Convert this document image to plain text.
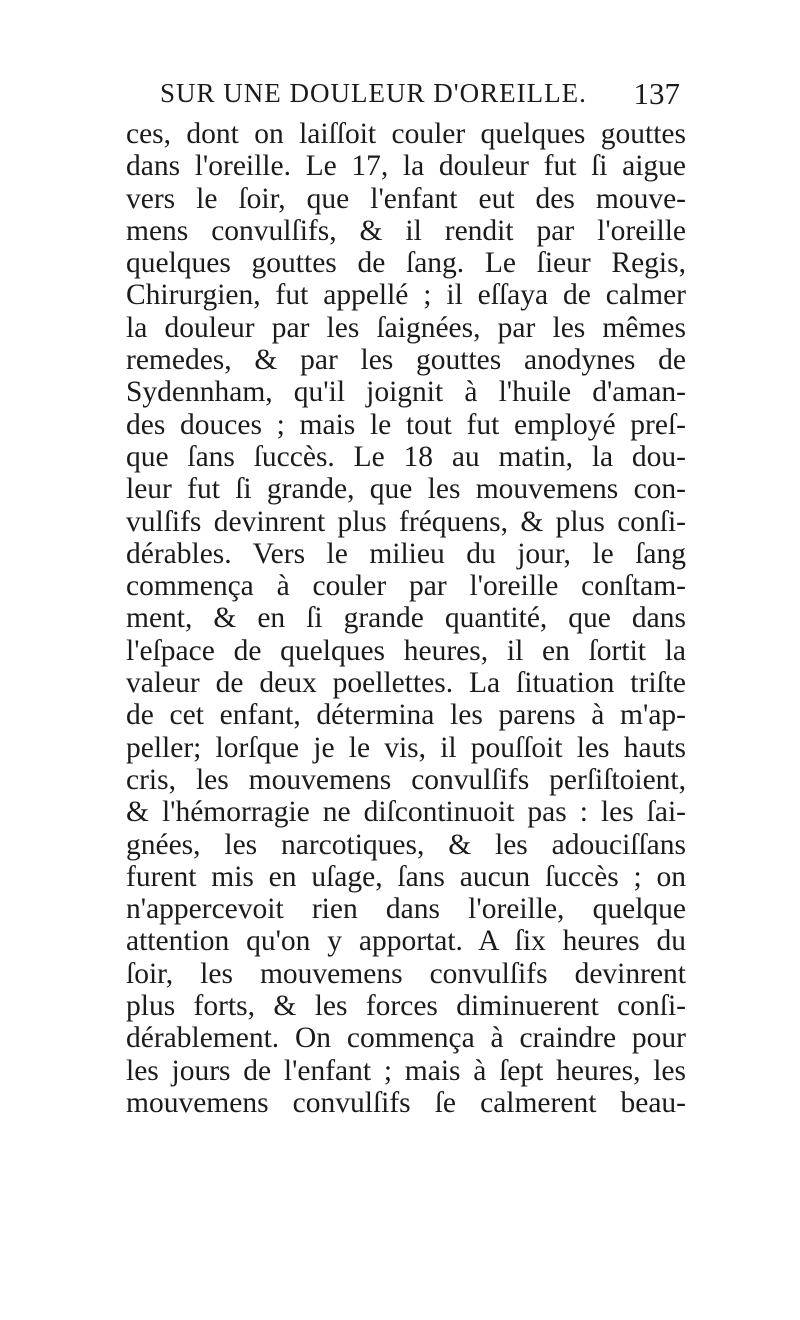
SUR UNE DOULEUR D'OREILLE. 137
ces, dont on laiſſoit couler quelques gouttes
dans l'oreille. Le 17, la douleur fut ſi aigue
vers le ſoir, que l'enfant eut des mouve-
mens convulſifs, & il rendit par l'oreille
quelques gouttes de ſang. Le ſieur Regis,
Chirurgien, fut appellé ; il eſſaya de calmer
la douleur par les ſaignées, par les mêmes
remedes, & par les gouttes anodynes de
Sydennham, qu'il joignit à l'huile d'aman-
des douces ; mais le tout fut employé preſ-
que ſans ſuccès. Le 18 au matin, la dou-
leur fut ſi grande, que les mouvemens con-
vulſifs devinrent plus fréquens, & plus conſi-
dérables. Vers le milieu du jour, le ſang
commença à couler par l'oreille conſtam-
ment, & en ſi grande quantité, que dans
l'eſpace de quelques heures, il en ſortit la
valeur de deux poellettes. La ſituation triſte
de cet enfant, détermina les parens à m'ap-
peller; lorſque je le vis, il pouſſoit les hauts
cris, les mouvemens convulſifs perſiſtoient,
& l'hémorragie ne diſcontinuoit pas : les ſai-
gnées, les narcotiques, & les adouciſſans
furent mis en uſage, ſans aucun ſuccès ; on
n'appercevoit rien dans l'oreille, quelque
attention qu'on y apportat. A ſix heures du
ſoir, les mouvemens convulſifs devinrent
plus forts, & les forces diminuerent conſi-
dérablement. On commença à craindre pour
les jours de l'enfant ; mais à ſept heures, les
mouvemens convulſifs ſe calmerent beau-
